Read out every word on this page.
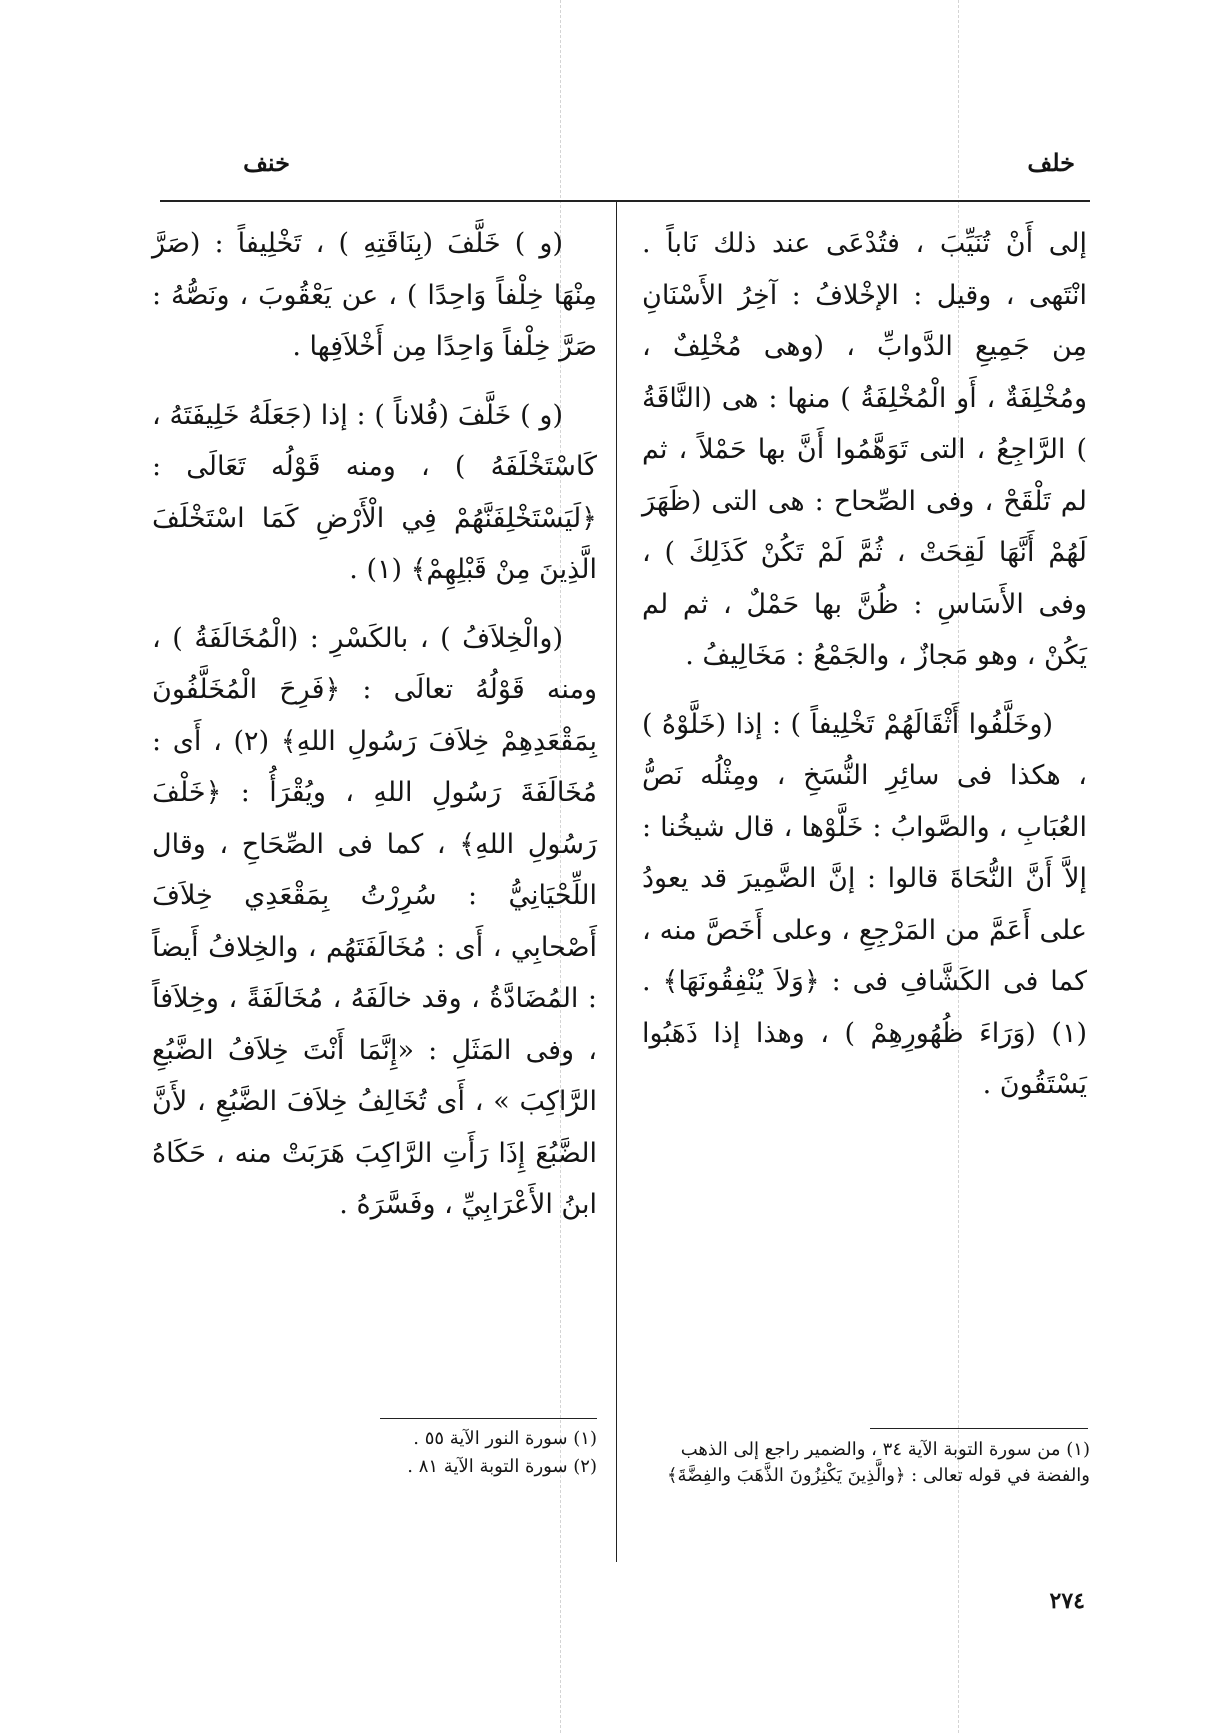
خلف
خنف

إلى أَنْ تُنَيِّبَ ، فتُدْعَى عند ذلك نَاباً . انْتَهى ، وقيل : الإخْلافُ : آخِرُ الأَسْنَانِ مِن جَمِيعِ الدَّوابِّ ، (وهى مُخْلِفٌ ، ومُخْلِفَةٌ ، أَو الْمُخْلِفَةُ ) منها : هى (النَّاقَةُ ) الرَّاجِعُ ، التى تَوَهَّمُوا أَنَّ بها حَمْلاً ، ثم لم تَلْقَحْ ، وفى الصِّحاح : هى التى (ظَهَرَ لَهُمْ أَنَّهَا لَقِحَتْ ، ثُمَّ لَمْ تَكُنْ كَذَلِكَ ) ، وفى الأَسَاسِ : ظُنَّ بها حَمْلٌ ، ثم لم يَكُنْ ، وهو مَجازٌ ، والجَمْعُ : مَخَالِيفُ .

(وخَلَّفُوا أَثْقَالَهُمْ تَخْلِيفاً ) : إذا (خَلَّوْهُ ) ، هكذا فى سائِرِ النُّسَخِ ، ومِثْلُه نَصُّ العُبَابِ ، والصَّوابُ : خَلَّوْها ، قال شيخُنا : إلاَّ أَنَّ النُّحَاةَ قالوا : إنَّ الضَّمِيرَ قد يعودُ على أَعَمَّ من المَرْجِعِ ، وعلى أَخَصَّ منه ، كما فى الكَشَّافِ فى : ﴿وَلاَ يُنْفِقُونَهَا﴾ . (١) (وَرَاءَ ظُهُورِهِمْ ) ، وهذا إذا ذَهَبُوا يَسْتَقُونَ .

(و ) خَلَّفَ (بِنَاقَتِهِ ) ، تَخْلِيفاً : (صَرَّ مِنْهَا خِلْفاً وَاحِدًا ) ، عن يَعْقُوبَ ، ونَصُّهُ : صَرَّ خِلْفاً وَاحِدًا مِن أَخْلاَفِها .

(و ) خَلَّفَ (فُلاناً ) : إذا (جَعَلَهُ خَلِيفَتَهُ ، كَاسْتَخْلَفَهُ ) ، ومنه قَوْلُه تَعَالَى : ﴿لَيَسْتَخْلِفَنَّهُمْ فِي الْأَرْضِ كَمَا اسْتَخْلَفَ الَّذِينَ مِنْ قَبْلِهِمْ﴾ (١) .

(والْخِلاَفُ ) ، بالكَسْرِ : (الْمُخَالَفَةُ ) ، ومنه قَوْلُهُ تعالَى : ﴿فَرِحَ الْمُخَلَّفُونَ بِمَقْعَدِهِمْ خِلاَفَ رَسُولِ اللهِ﴾ (٢) ، أَى : مُخَالَفَةَ رَسُولِ اللهِ ، ويُقْرَأُ : ﴿خَلْفَ رَسُولِ اللهِ﴾ ، كما فى الصِّحَاحِ ، وقال اللِّحْيَانِيُّ : سُرِرْتُ بِمَقْعَدِي خِلاَفَ أَصْحابِي ، أَى : مُخَالَفَتَهُم ، والخِلافُ أَيضاً : المُضَادَّةُ ، وقد خالَفَهُ ، مُخَالَفَةً ، وخِلاَفاً ، وفى المَثَلِ : «إِنَّمَا أَنْتَ خِلاَفُ الضَّبُعِ الرَّاكِبَ » ، أَى تُخَالِفُ خِلاَفَ الضَّبُعِ ، لأَنَّ الضَّبُعَ إِذَا رَأَتِ الرَّاكِبَ هَرَبَتْ منه ، حَكَاهُ ابنُ الأَعْرَابِيِّ ، وفَسَّرَهُ .

(١) من سورة التوبة الآية ٣٤ ، والضمير راجع إلى الذهب والفضة في قوله تعالى : ﴿والَّذِينَ يَكْنِزُونَ الذَّهَبَ والفِضَّةَ﴾
(١) سورة النور الآية ٥٥ .
(٢) سورة التوبة الآية ٨١ .
٢٧٤
